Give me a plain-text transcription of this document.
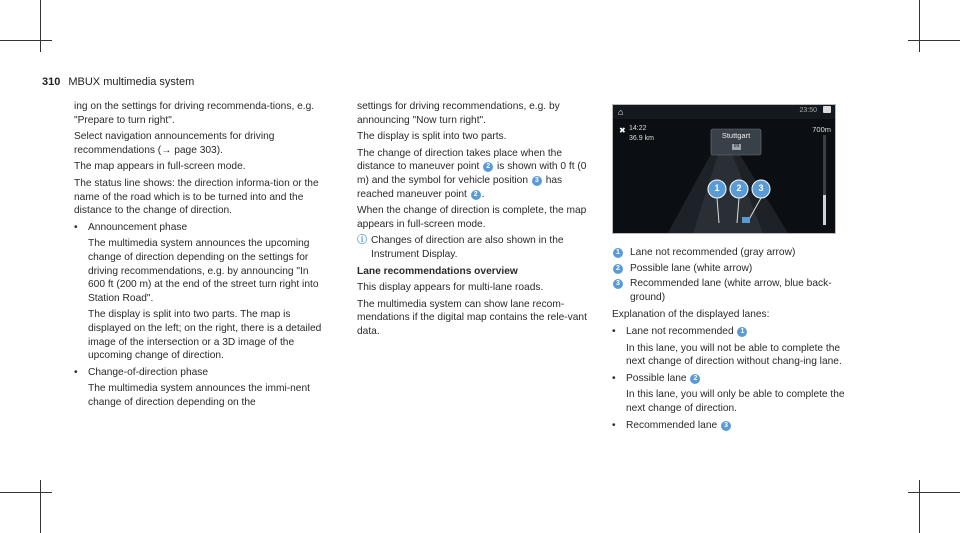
310 MBUX multimedia system

ing on the settings for driving recommenda-tions, e.g. "Prepare to turn right".

Select navigation announcements for driving recommendations (→ page 303).

The map appears in full-screen mode.

The status line shows: the direction informa-tion or the name of the road which is to be turned into and the distance to the change of direction.

• Announcement phase

The multimedia system announces the upcoming change of direction depending on the settings for driving recommendations, e.g. by announcing "In 600 ft (200 m) at the end of the street turn right into Station Road".

The display is split into two parts. The map is displayed on the left; on the right, there is a detailed image of the intersection or a 3D image of the upcoming change of direction.

• Change-of-direction phase

The multimedia system announces the immi-nent change of direction depending on the

settings for driving recommendations, e.g. by announcing "Now turn right".

The display is split into two parts.

The change of direction takes place when the distance to maneuver point 2 is shown with 0 ft (0 m) and the symbol for vehicle position 3 has reached maneuver point 2 .

When the change of direction is complete, the map appears in full-screen mode.

ⓘ Changes of direction are also shown in the Instrument Display.

Lane recommendations overview

This display appears for multi-lane roads.

The multimedia system can show lane recom-mendations if the digital map contains the rele-vant data.

⌂	23:50
✖ 14:22
36.9 km	Stuttgart
99
700m
1 2 3
1 Lane not recommended (gray arrow)
2 Possible lane (white arrow)
3 Recommended lane (white arrow, blue back-ground)

Explanation of the displayed lanes:

• Lane not recommended 1

In this lane, you will not be able to complete the next change of direction without chang-ing lane.

• Possible lane 2

In this lane, you will only be able to complete the next change of direction.

• Recommended lane 3
